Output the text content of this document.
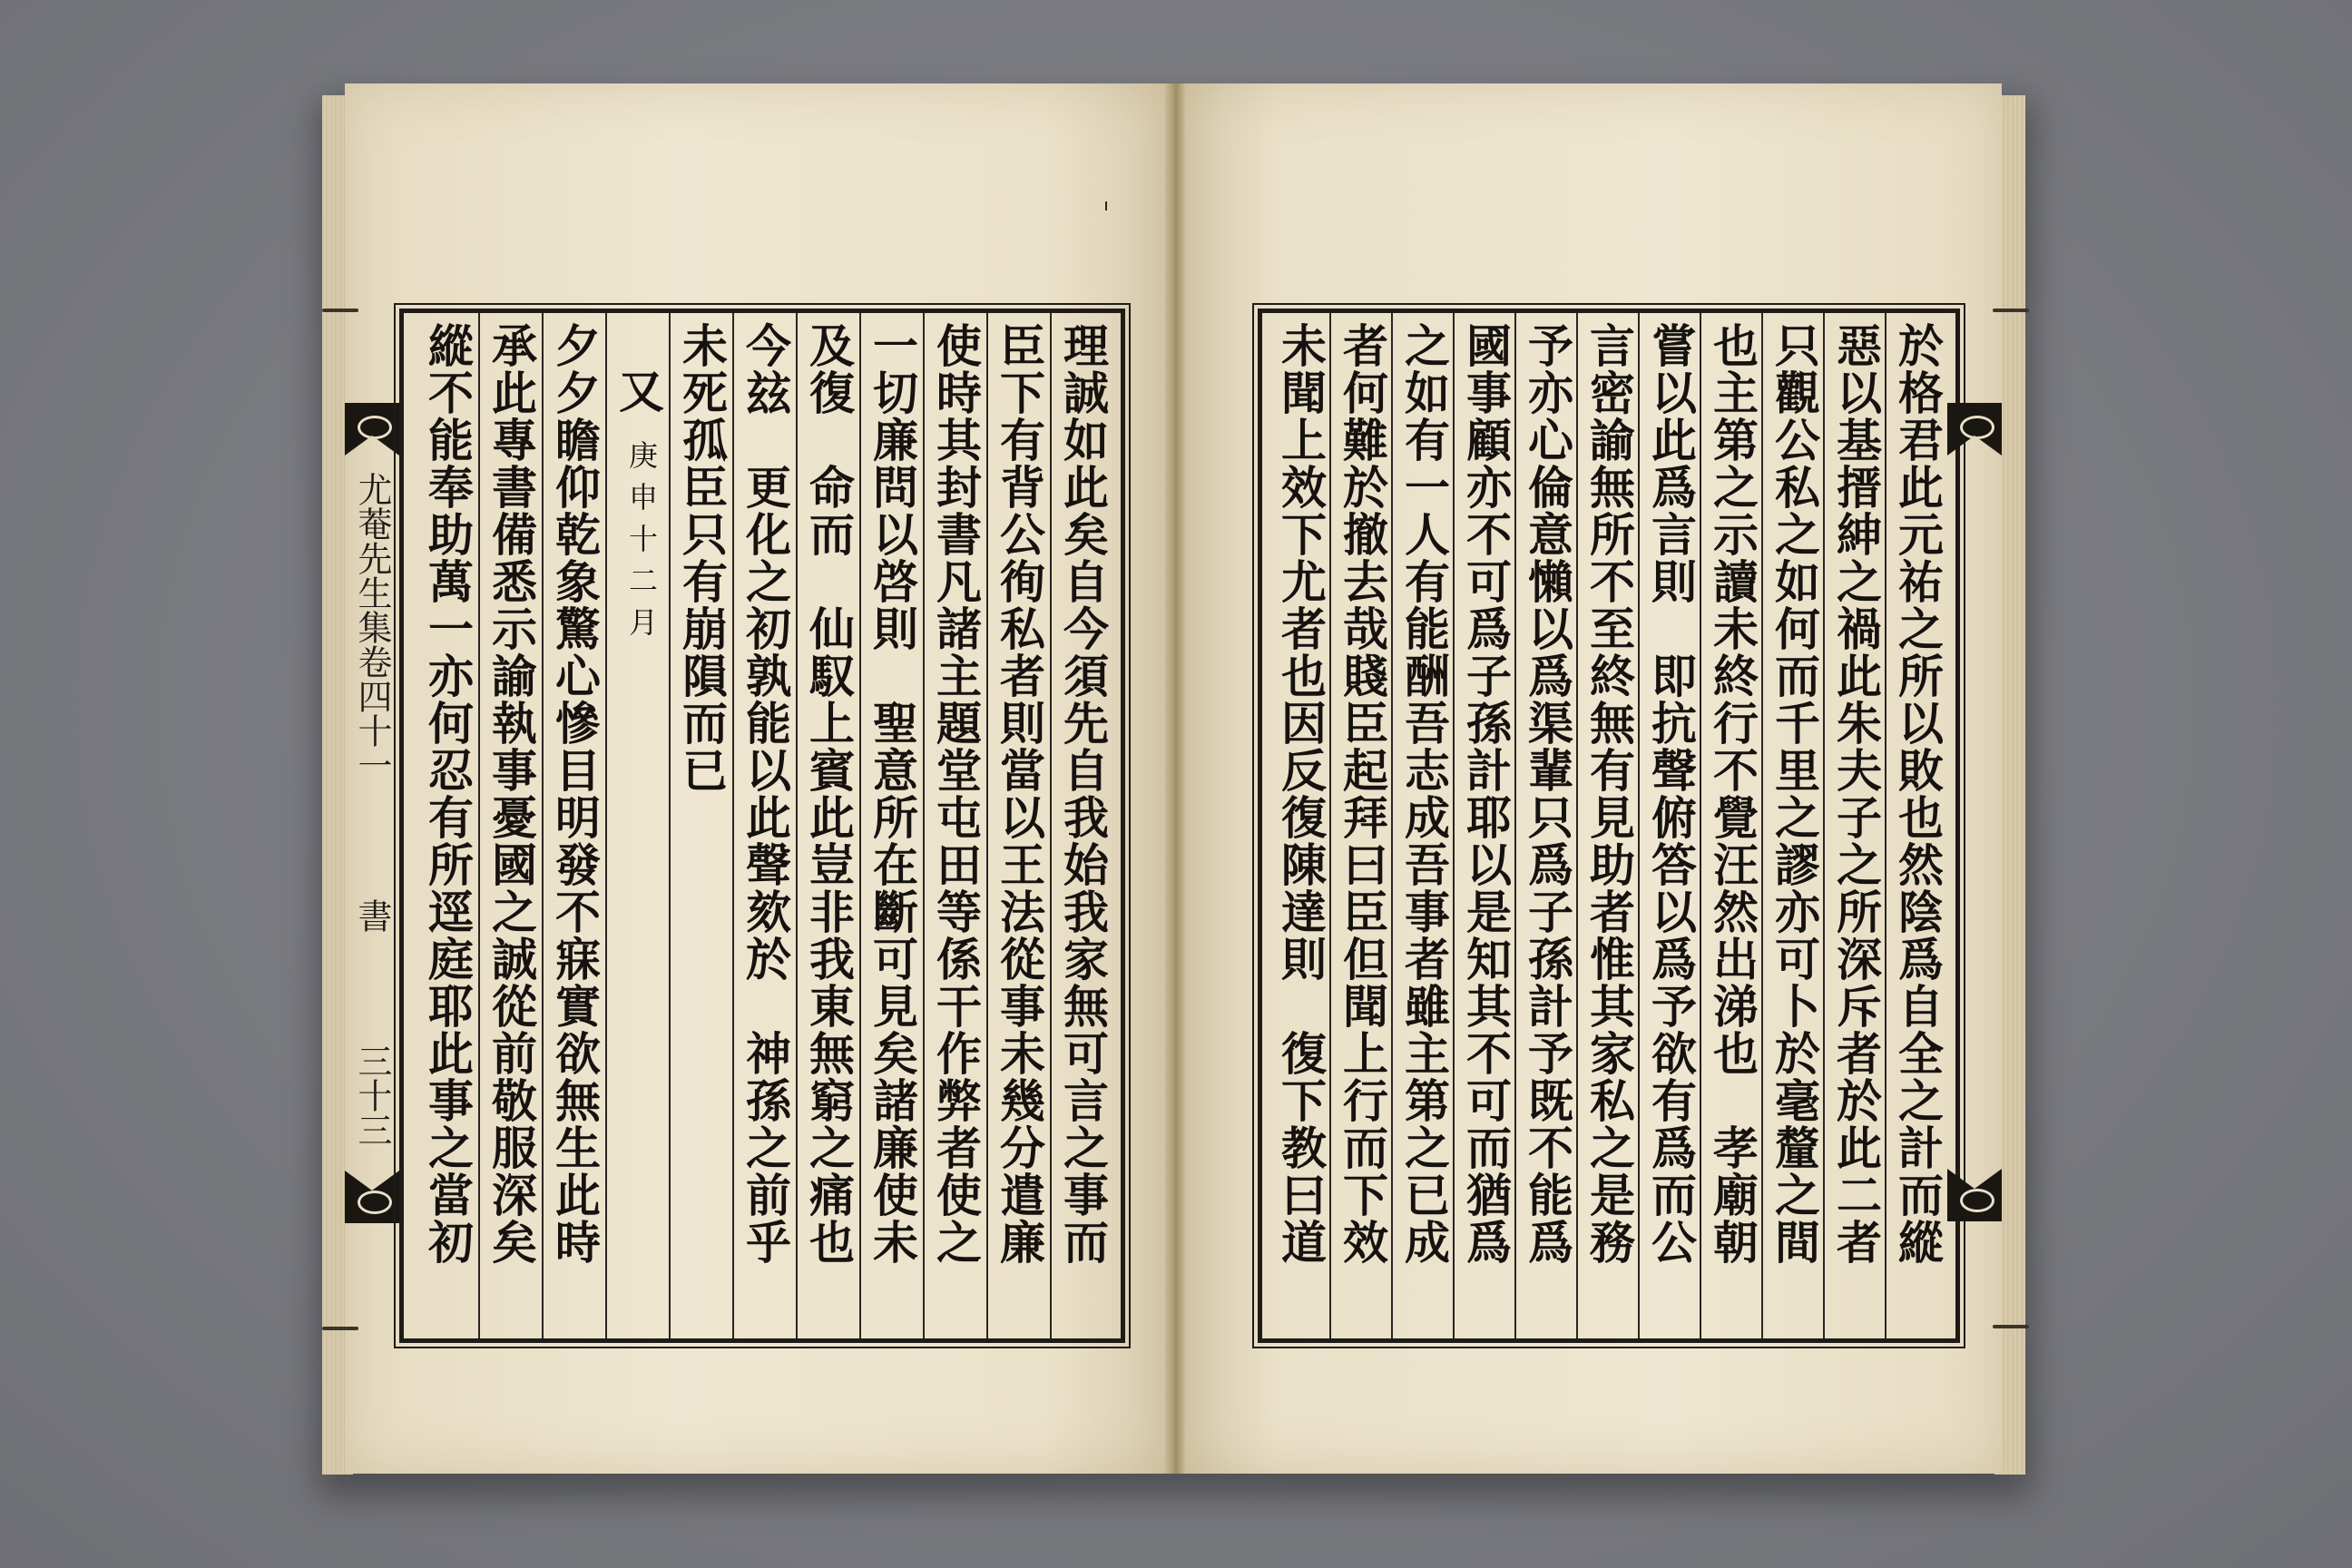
尤菴先生集卷四十一
書
三十三	理誠如此矣自今須先自我始我家無可言之事而
臣下有背公徇私者則當以王法從事未幾分遣廉
使時其封書凡諸主題堂屯田等係干作弊者使之
一切廉問以啓則　聖意所在斷可見矣諸廉使未
及復　命而　仙馭上賓此豈非我東無窮之痛也
今玆　更化之初孰能以此聲欬於　神孫之前乎
未死孤臣只有崩隕而已
又
庚申十二月
夕夕瞻仰乾象驚心慘目明發不寐實欲無生此時
承此專書備悉示諭執事憂國之誠從前敬服深矣
縱不能奉助萬一亦何忍有所逕庭耶此事之當初	於格君此元祐之所以敗也然陰爲自全之計而縱
惡以基搢紳之禍此朱夫子之所深斥者於此二者
只觀公私之如何而千里之謬亦可卜於毫釐之間
也主第之示讀未終行不覺汪然出涕也　孝廟朝
嘗以此爲言則　即抗聲俯答以爲予欲有爲而公
言密諭無所不至終無有見助者惟其家私之是務
予亦心倫意懶以爲渠輩只爲子孫計予既不能爲
國事顧亦不可爲子孫計耶以是知其不可而猶爲
之如有一人有能酬吾志成吾事者雖主第之已成
者何難於撤去哉賤臣起拜曰臣但聞上行而下效
未聞上效下尤者也因反復陳達則　復下教曰道
